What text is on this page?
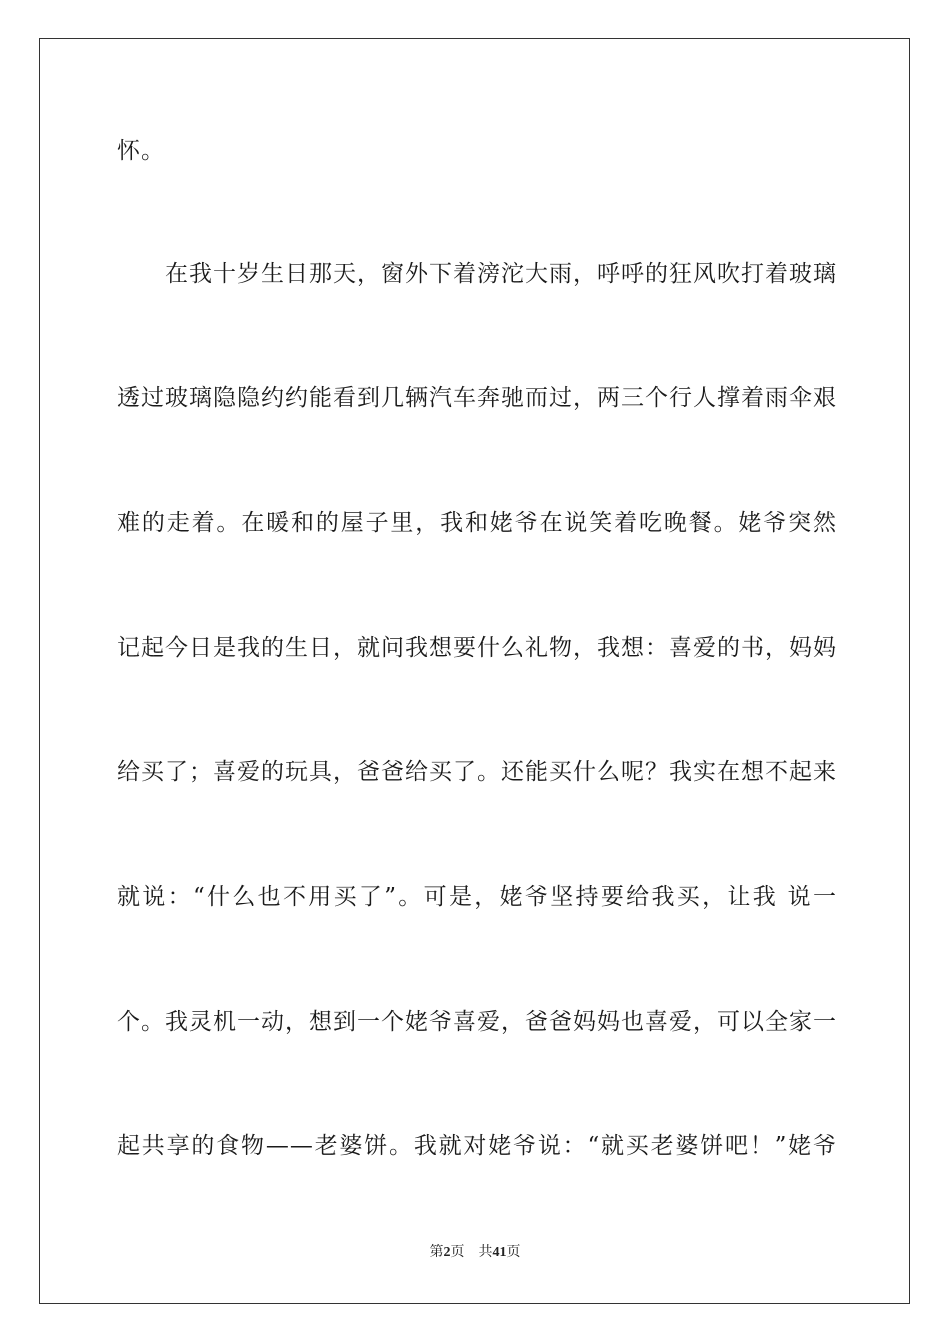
怀。
在我十岁生日那天，窗外下着滂沱大雨，呼呼的狂风吹打着玻璃
透过玻璃隐隐约约能看到几辆汽车奔驰而过，两三个行人撑着雨伞艰
难的走着。在暖和的屋子里，我和姥爷在说笑着吃晚餐。姥爷突然
记起今日是我的生日，就问我想要什么礼物，我想：喜爱的书，妈妈
给买了；喜爱的玩具，爸爸给买了。还能买什么呢？我实在想不起来
就说：“什么也不用买了”。可是，姥爷坚持要给我买，让我 说一
个。我灵机一动，想到一个姥爷喜爱，爸爸妈妈也喜爱，可以全家一
起共享的食物——老婆饼。我就对姥爷说：“就买老婆饼吧！”姥爷
第2页 共41页
